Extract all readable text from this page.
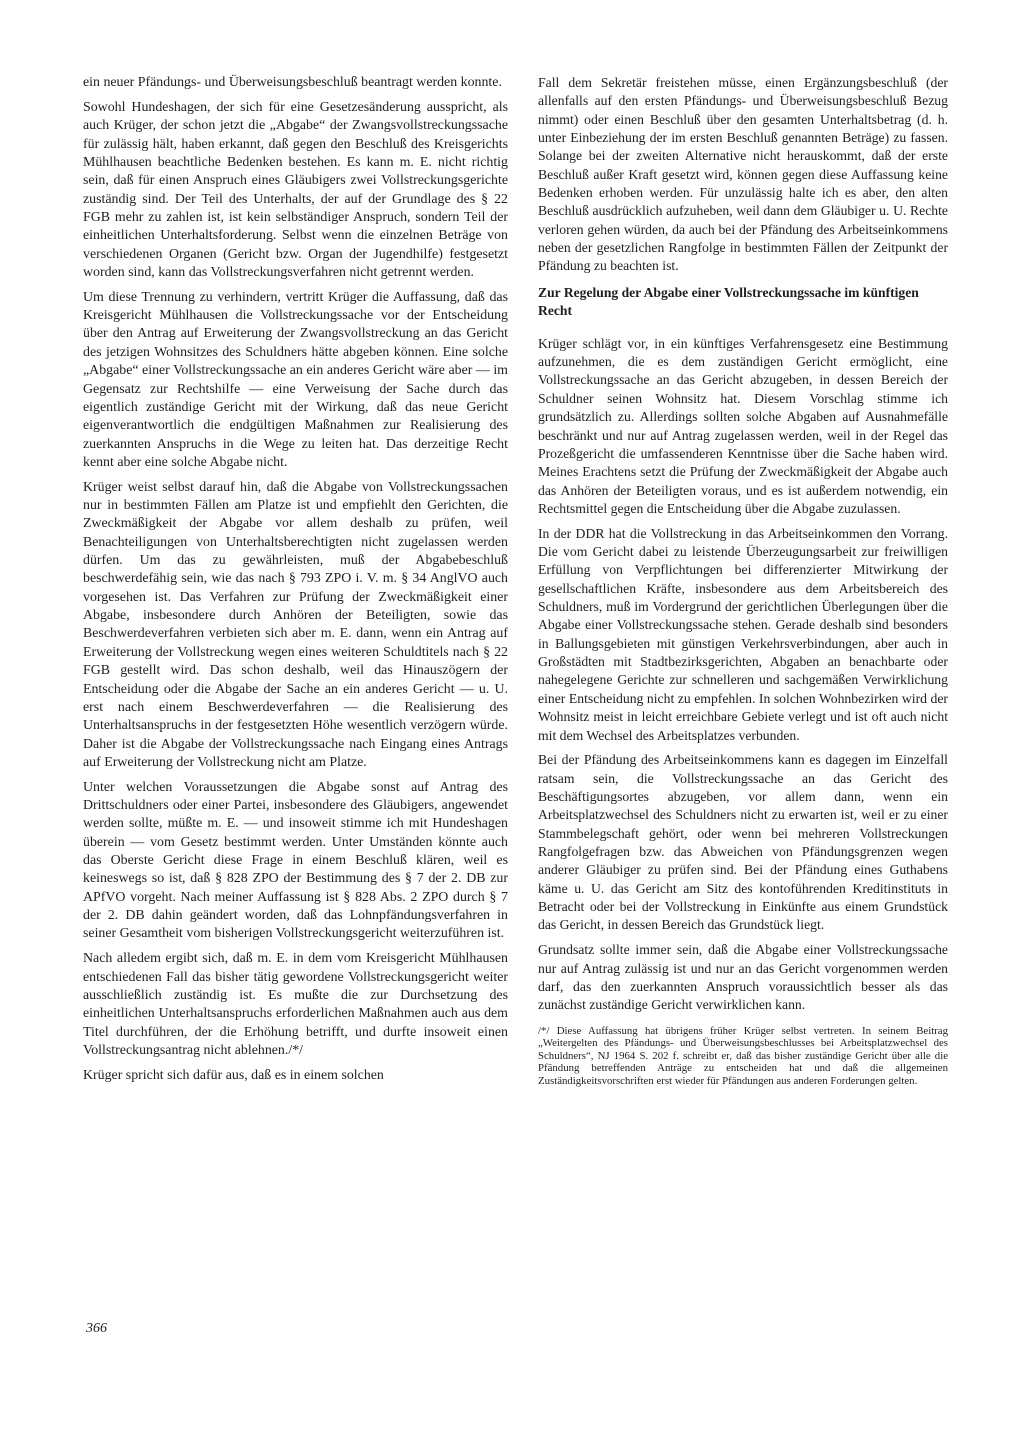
ein neuer Pfändungs- und Überweisungsbeschluß beantragt werden konnte.

Sowohl Hundeshagen, der sich für eine Gesetzesänderung ausspricht, als auch Krüger, der schon jetzt die „Abgabe“ der Zwangsvollstreckungssache für zulässig hält, haben erkannt, daß gegen den Beschluß des Kreisgerichts Mühlhausen beachtliche Bedenken bestehen. Es kann m. E. nicht richtig sein, daß für einen Anspruch eines Gläubigers zwei Vollstreckungsgerichte zuständig sind. Der Teil des Unterhalts, der auf der Grundlage des § 22 FGB mehr zu zahlen ist, ist kein selbständiger Anspruch, sondern Teil der einheitlichen Unterhaltsforderung. Selbst wenn die einzelnen Beträge von verschiedenen Organen (Gericht bzw. Organ der Jugendhilfe) festgesetzt worden sind, kann das Vollstreckungsverfahren nicht getrennt werden.

Um diese Trennung zu verhindern, vertritt Krüger die Auffassung, daß das Kreisgericht Mühlhausen die Vollstreckungssache vor der Entscheidung über den Antrag auf Erweiterung der Zwangsvollstreckung an das Gericht des jetzigen Wohnsitzes des Schuldners hätte abgeben können. Eine solche „Abgabe“ einer Vollstreckungssache an ein anderes Gericht wäre aber — im Gegensatz zur Rechtshilfe — eine Verweisung der Sache durch das eigentlich zuständige Gericht mit der Wirkung, daß das neue Gericht eigenverantwortlich die endgültigen Maßnahmen zur Realisierung des zuerkannten Anspruchs in die Wege zu leiten hat. Das derzeitige Recht kennt aber eine solche Abgabe nicht.

Krüger weist selbst darauf hin, daß die Abgabe von Vollstreckungssachen nur in bestimmten Fällen am Platze ist und empfiehlt den Gerichten, die Zweckmäßigkeit der Abgabe vor allem deshalb zu prüfen, weil Benachteiligungen von Unterhaltsberechtigten nicht zugelassen werden dürfen. Um das zu gewährleisten, muß der Abgabebeschluß beschwerdefähig sein, wie das nach § 793 ZPO i. V. m. § 34 AnglVO auch vorgesehen ist. Das Verfahren zur Prüfung der Zweckmäßigkeit einer Abgabe, insbesondere durch Anhören der Beteiligten, sowie das Beschwerdeverfahren verbieten sich aber m. E. dann, wenn ein Antrag auf Erweiterung der Vollstreckung wegen eines weiteren Schuldtitels nach § 22 FGB gestellt wird. Das schon deshalb, weil das Hinauszögern der Entscheidung oder die Abgabe der Sache an ein anderes Gericht — u. U. erst nach einem Beschwerdeverfahren — die Realisierung des Unterhaltsanspruchs in der festgesetzten Höhe wesentlich verzögern würde. Daher ist die Abgabe der Vollstreckungssache nach Eingang eines Antrags auf Erweiterung der Vollstreckung nicht am Platze.

Unter welchen Voraussetzungen die Abgabe sonst auf Antrag des Drittschuldners oder einer Partei, insbesondere des Gläubigers, angewendet werden sollte, müßte m. E. — und insoweit stimme ich mit Hundeshagen überein — vom Gesetz bestimmt werden. Unter Umständen könnte auch das Oberste Gericht diese Frage in einem Beschluß klären, weil es keineswegs so ist, daß § 828 ZPO der Bestimmung des § 7 der 2. DB zur APfVO vorgeht. Nach meiner Auffassung ist § 828 Abs. 2 ZPO durch § 7 der 2. DB dahin geändert worden, daß das Lohnpfändungsverfahren in seiner Gesamtheit vom bisherigen Vollstreckungsgericht weiterzuführen ist.

Nach alledem ergibt sich, daß m. E. in dem vom Kreisgericht Mühlhausen entschiedenen Fall das bisher tätig gewordene Vollstreckungsgericht weiter ausschließlich zuständig ist. Es mußte die zur Durchsetzung des einheitlichen Unterhaltsanspruchs erforderlichen Maßnahmen auch aus dem Titel durchführen, der die Erhöhung betrifft, und durfte insoweit einen Vollstreckungsantrag nicht ablehnen./*/

Krüger spricht sich dafür aus, daß es in einem solchen

Fall dem Sekretär freistehen müsse, einen Ergänzungsbeschluß (der allenfalls auf den ersten Pfändungs- und Überweisungsbeschluß Bezug nimmt) oder einen Beschluß über den gesamten Unterhaltsbetrag (d. h. unter Einbeziehung der im ersten Beschluß genannten Beträge) zu fassen. Solange bei der zweiten Alternative nicht herauskommt, daß der erste Beschluß außer Kraft gesetzt wird, können gegen diese Auffassung keine Bedenken erhoben werden. Für unzulässig halte ich es aber, den alten Beschluß ausdrücklich aufzuheben, weil dann dem Gläubiger u. U. Rechte verloren gehen würden, da auch bei der Pfändung des Arbeitseinkommens neben der gesetzlichen Rangfolge in bestimmten Fällen der Zeitpunkt der Pfändung zu beachten ist.

Zur Regelung der Abgabe einer Vollstreckungssache im künftigen Recht

Krüger schlägt vor, in ein künftiges Verfahrensgesetz eine Bestimmung aufzunehmen, die es dem zuständigen Gericht ermöglicht, eine Vollstreckungssache an das Gericht abzugeben, in dessen Bereich der Schuldner seinen Wohnsitz hat. Diesem Vorschlag stimme ich grundsätzlich zu. Allerdings sollten solche Abgaben auf Ausnahmefälle beschränkt und nur auf Antrag zugelassen werden, weil in der Regel das Prozeßgericht die umfassenderen Kenntnisse über die Sache haben wird. Meines Erachtens setzt die Prüfung der Zweckmäßigkeit der Abgabe auch das Anhören der Beteiligten voraus, und es ist außerdem notwendig, ein Rechtsmittel gegen die Entscheidung über die Abgabe zuzulassen.

In der DDR hat die Vollstreckung in das Arbeitseinkommen den Vorrang. Die vom Gericht dabei zu leistende Überzeugungsarbeit zur freiwilligen Erfüllung von Verpflichtungen bei differenzierter Mitwirkung der gesellschaftlichen Kräfte, insbesondere aus dem Arbeitsbereich des Schuldners, muß im Vordergrund der gerichtlichen Überlegungen über die Abgabe einer Vollstreckungssache stehen. Gerade deshalb sind besonders in Ballungsgebieten mit günstigen Verkehrsverbindungen, aber auch in Großstädten mit Stadtbezirksgerichten, Abgaben an benachbarte oder nahegelegene Gerichte zur schnelleren und sachgemäßen Verwirklichung einer Entscheidung nicht zu empfehlen. In solchen Wohnbezirken wird der Wohnsitz meist in leicht erreichbare Gebiete verlegt und ist oft auch nicht mit dem Wechsel des Arbeitsplatzes verbunden.

Bei der Pfändung des Arbeitseinkommens kann es dagegen im Einzelfall ratsam sein, die Vollstreckungssache an das Gericht des Beschäftigungsortes abzugeben, vor allem dann, wenn ein Arbeitsplatzwechsel des Schuldners nicht zu erwarten ist, weil er zu einer Stammbelegschaft gehört, oder wenn bei mehreren Vollstreckungen Rangfolgefragen bzw. das Abweichen von Pfändungsgrenzen wegen anderer Gläubiger zu prüfen sind. Bei der Pfändung eines Guthabens käme u. U. das Gericht am Sitz des kontoführenden Kreditinstituts in Betracht oder bei der Vollstreckung in Einkünfte aus einem Grundstück das Gericht, in dessen Bereich das Grundstück liegt.

Grundsatz sollte immer sein, daß die Abgabe einer Vollstreckungssache nur auf Antrag zulässig ist und nur an das Gericht vorgenommen werden darf, das den zuerkannten Anspruch voraussichtlich besser als das zunächst zuständige Gericht verwirklichen kann.

/*/ Diese Auffassung hat übrigens früher Krüger selbst vertreten. In seinem Beitrag „Weitergelten des Pfändungs- und Überweisungsbeschlusses bei Arbeitsplatzwechsel des Schuldners“, NJ 1964 S. 202 f. schreibt er, daß das bisher zuständige Gericht über alle die Pfändung betreffenden Anträge zu entscheiden hat und daß die allgemeinen Zuständigkeitsvorschriften erst wieder für Pfändungen aus anderen Forderungen gelten.

366
